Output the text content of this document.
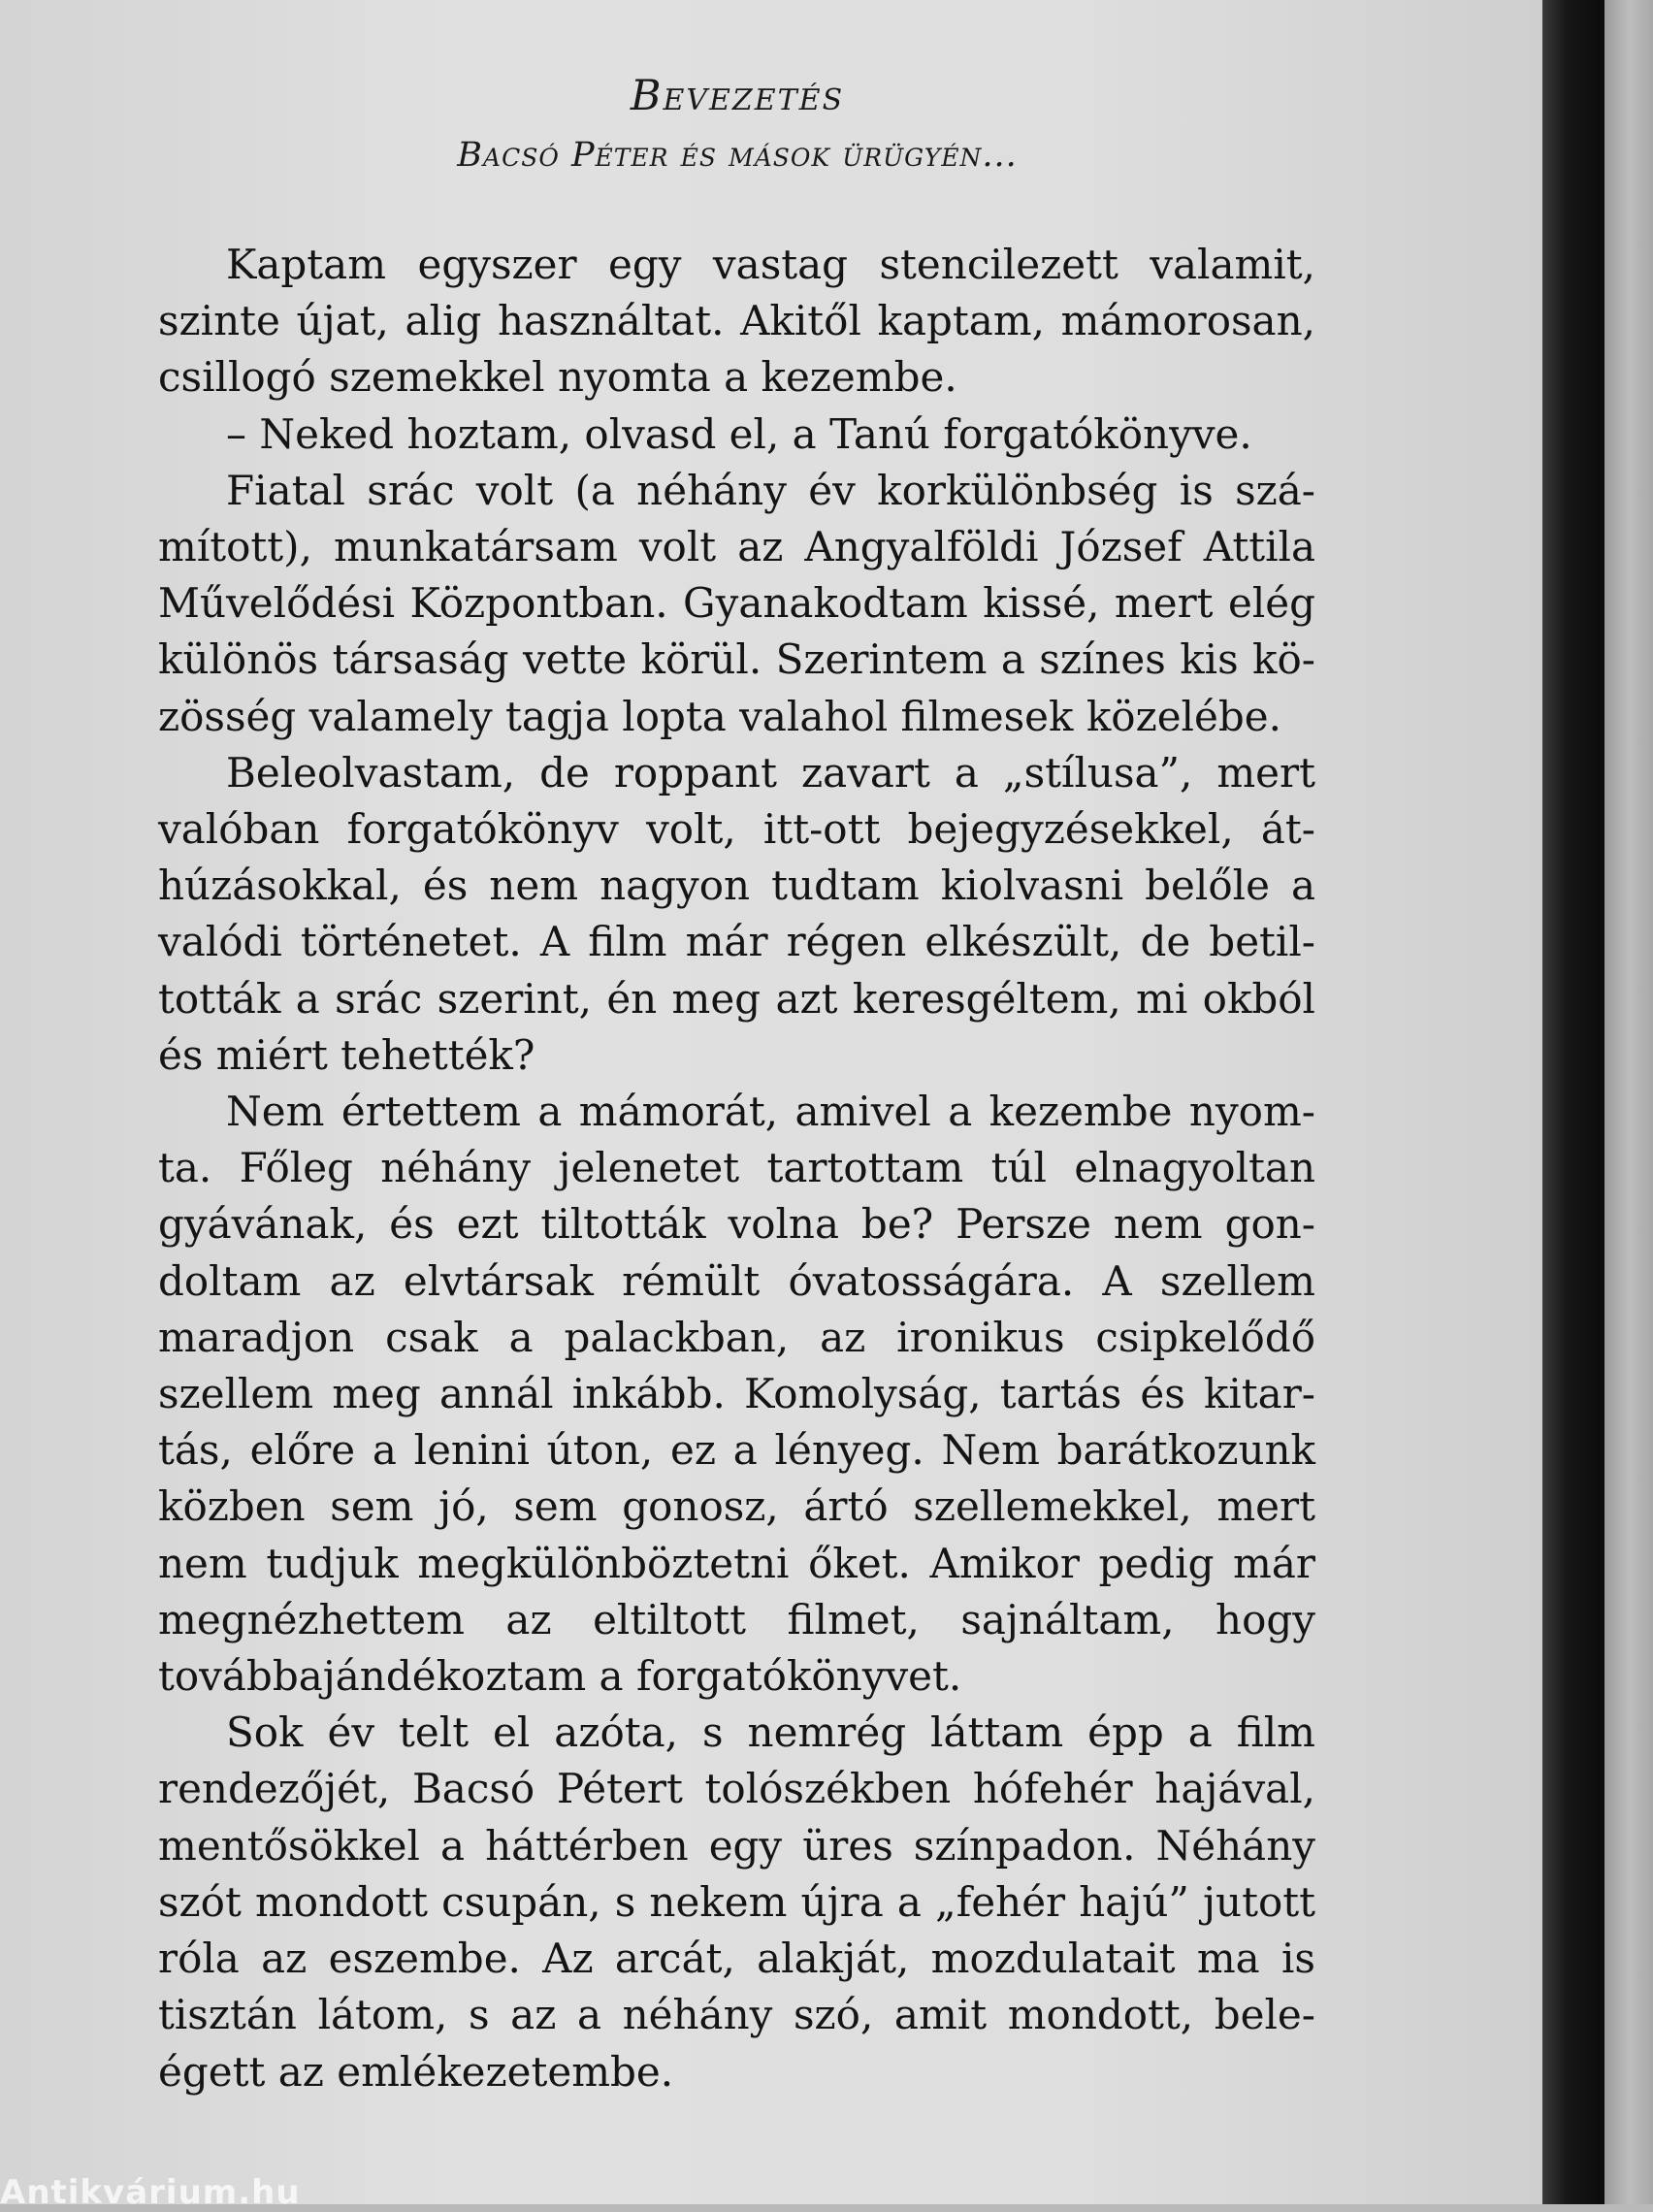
Bevezetés
Bacsó Péter és mások ürügyén...

Kaptam egyszer egy vastag stencilezett valamit, szinte újat, alig használtat. Akitől kaptam, mámorosan, csillogó szemekkel nyomta a kezembe.

– Neked hoztam, olvasd el, a Tanú forgatókönyve.

Fiatal srác volt (a néhány év korkülönbség is számított), munkatársam volt az Angyalföldi József Attila Művelődési Központban. Gyanakodtam kissé, mert elég különös társaság vette körül. Szerintem a színes kis közösség valamely tagja lopta valahol filmesek közelébe.

Beleolvastam, de roppant zavart a „stílusa”, mert valóban forgatókönyv volt, itt-ott bejegyzésekkel, áthúzásokkal, és nem nagyon tudtam kiolvasni belőle a valódi történetet. A film már régen elkészült, de betiltották a srác szerint, én meg azt keresgéltem, mi okból és miért tehették?

Nem értettem a mámorát, amivel a kezembe nyomta. Főleg néhány jelenetet tartottam túl elnagyoltan gyávának, és ezt tiltották volna be? Persze nem gondoltam az elvtársak rémült óvatosságára. A szellem maradjon csak a palackban, az ironikus csipkelődő szellem meg annál inkább. Komolyság, tartás és kitartás, előre a lenini úton, ez a lényeg. Nem barátkozunk közben sem jó, sem gonosz, ártó szellemekkel, mert nem tudjuk megkülönböztetni őket. Amikor pedig már megnézhettem az eltiltott filmet, sajnáltam, hogy továbbajándékoztam a forgatókönyvet.

Sok év telt el azóta, s nemrég láttam épp a film rendezőjét, Bacsó Pétert tolószékben hófehér hajával, mentősökkel a háttérben egy üres színpadon. Néhány szót mondott csupán, s nekem újra a „fehér hajú” jutott róla az eszembe. Az arcát, alakját, mozdulatait ma is tisztán látom, s az a néhány szó, amit mondott, beleégett az emlékezetembe.

Antikvárium.hu
